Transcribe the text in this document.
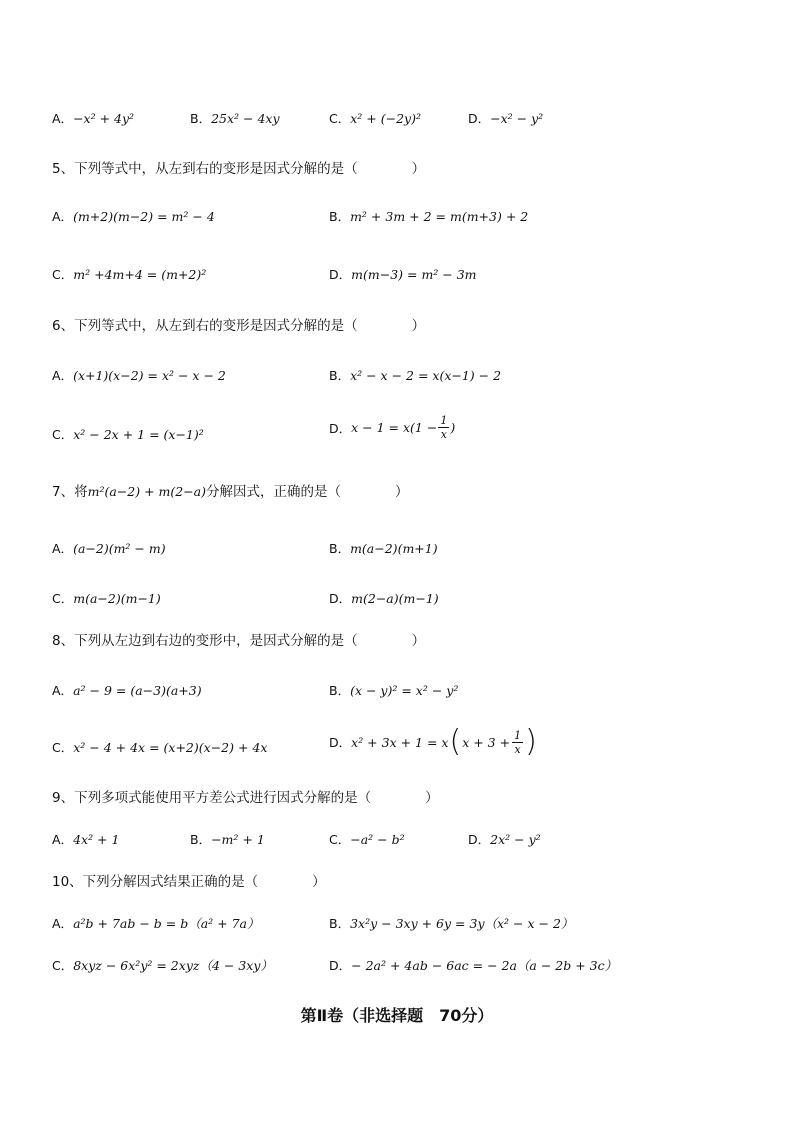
A．−x² + 4y²	B．25x² − 4xy	C．x² + (−2y)²	D．−x² − y²
5、下列等式中，从左到右的变形是因式分解的是（　　　　）
A．(m+2)(m−2) = m² − 4	B．m² + 3m + 2 = m(m+3) + 2
C．m² +4m+4 = (m+2)²	D．m(m−3) = m² − 3m
6、下列等式中，从左到右的变形是因式分解的是（　　　　）
A．(x+1)(x−2) = x² − x − 2	B．x² − x − 2 = x(x−1) − 2
C．x² − 2x + 1 = (x−1)²	D． $x - 1 = x(1 - \frac{1}{x}$ )
7、将m²(a−2) + m(2−a)分解因式，正确的是（　　　　）
A．(a−2)(m² − m)	B．m(a−2)(m+1)
C．m(a−2)(m−1)	D．m(2−a)(m−1)
8、下列从左边到右边的变形中，是因式分解的是（　　　　）
A．a² − 9 = (a−3)(a+3)	B．(x − y)² = x² − y²
C．x² − 4 + 4x = (x+2)(x−2) + 4x	D． x² + 3x + 1 = x ( $x + 3 + \frac{1}{x}$ )
9、下列多项式能使用平方差公式进行因式分解的是（　　　　）
A．4x² + 1	B．−m² + 1	C．−a² − b²	D．2x² − y²
10、下列分解因式结果正确的是（　　　　）
A．a²b + 7ab − b = b（a² + 7a）	B．3x²y − 3xy + 6y = 3y（x² − x − 2）
C．8xyz − 6x²y² = 2xyz（4 − 3xy）	D．− 2a² + 4ab − 6ac = − 2a（a − 2b + 3c）
第Ⅱ卷（非选择题　70分）
